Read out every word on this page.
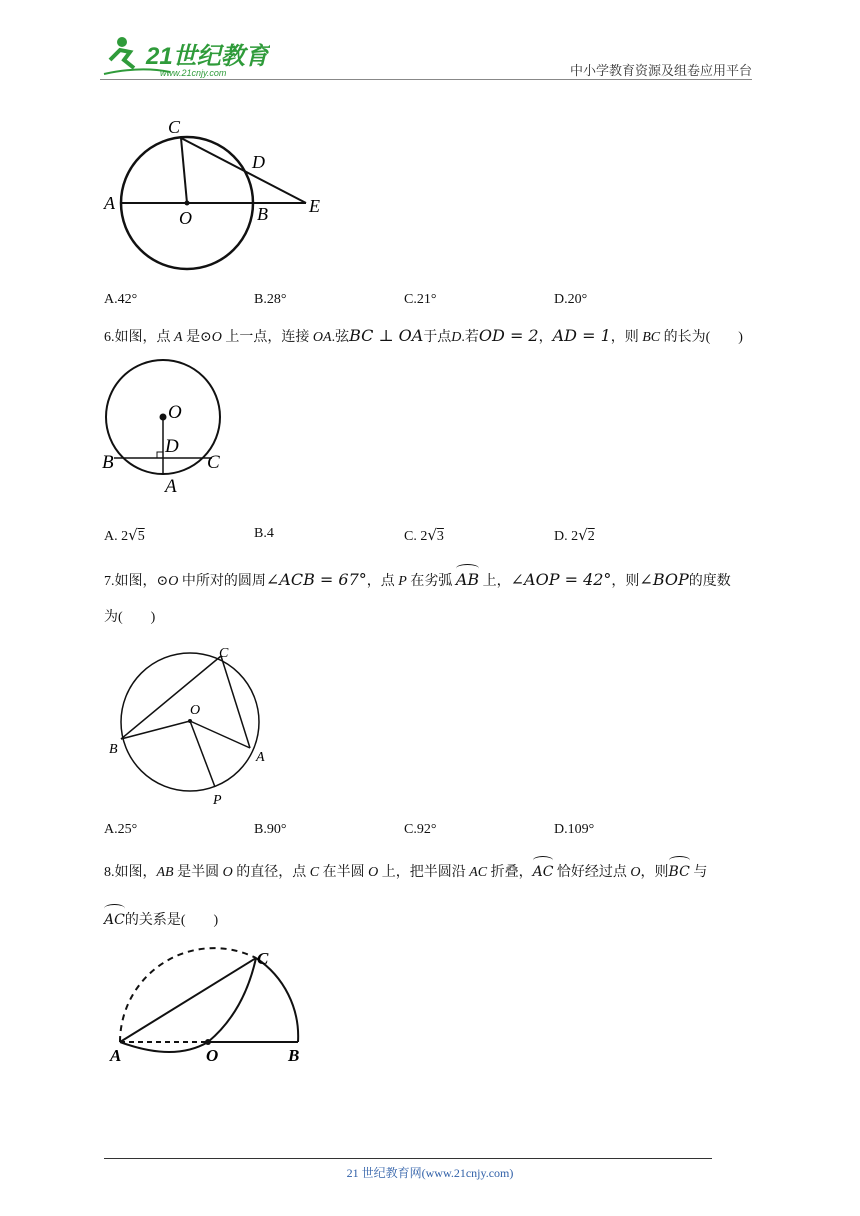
21世纪教育
www.21cnjy.com	中小学教育资源及组卷应用平台
C
D
A
O	B E
A.42°	B.28°	C.21°	D.20°
6.如图，点 A 是⊙O 上一点，连接 OA.弦BC ⊥ OA于点D.若OD = 2，AD = 1，则 BC 的长为(　　)
O
D
B	C
A
A. 2√5	B.4	C. 2√3	D. 2√2
7.如图，⊙O 中所对的圆周∠ACB = 67°，点 P 在劣弧 AB 上，∠AOP = 42°，则∠BOP的度数
为(　　)
C
O
B
A
P
A.25°	B.90°	C.92°	D.109°
8.如图，AB 是半圆 O 的直径，点 C 在半圆 O 上，把半圆沿 AC 折叠，AC 恰好经过点 O，则BC 与
AC的关系是(　　)
C
A	O	B
21 世纪教育网(www.21cnjy.com)
